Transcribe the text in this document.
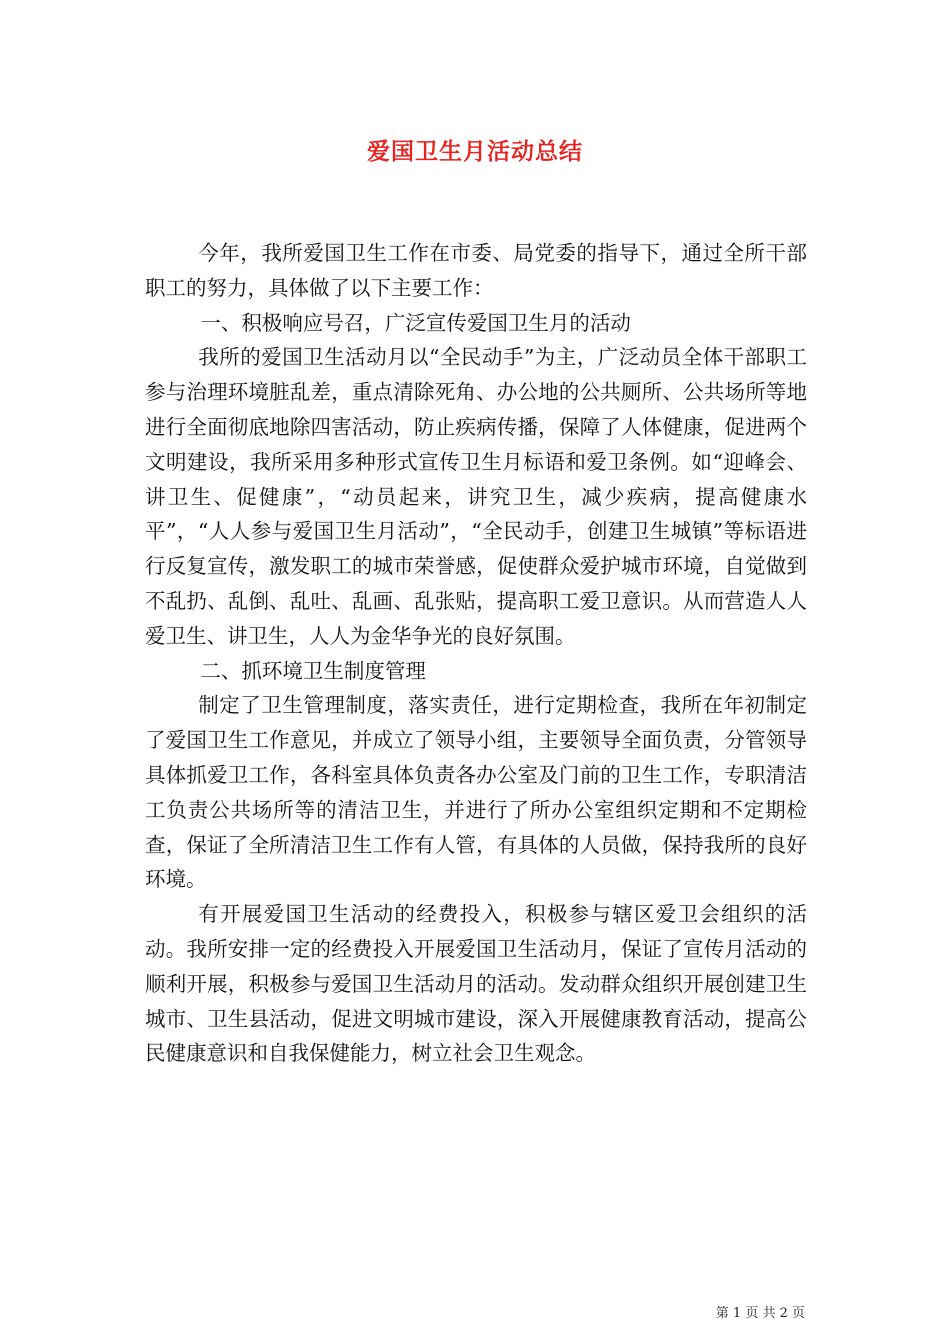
爱国卫生月活动总结

今年，我所爱国卫生工作在市委、局党委的指导下，通过全所干部职工的努力，具体做了以下主要工作：

一、积极响应号召，广泛宣传爱国卫生月的活动

我所的爱国卫生活动月以“全民动手”为主，广泛动员全体干部职工参与治理环境脏乱差，重点清除死角、办公地的公共厕所、公共场所等地进行全面彻底地除四害活动，防止疾病传播，保障了人体健康，促进两个文明建设，我所采用多种形式宣传卫生月标语和爱卫条例。如“迎峰会、讲卫生、促健康”，“动员起来，讲究卫生，减少疾病，提高健康水平”，“人人参与爱国卫生月活动”，“全民动手，创建卫生城镇”等标语进行反复宣传，激发职工的城市荣誉感，促使群众爱护城市环境，自觉做到不乱扔、乱倒、乱吐、乱画、乱张贴，提高职工爱卫意识。从而营造人人爱卫生、讲卫生，人人为金华争光的良好氛围。

二、抓环境卫生制度管理

制定了卫生管理制度，落实责任，进行定期检查，我所在年初制定了爱国卫生工作意见，并成立了领导小组，主要领导全面负责，分管领导具体抓爱卫工作，各科室具体负责各办公室及门前的卫生工作，专职清洁工负责公共场所等的清洁卫生，并进行了所办公室组织定期和不定期检查，保证了全所清洁卫生工作有人管，有具体的人员做，保持我所的良好环境。

有开展爱国卫生活动的经费投入，积极参与辖区爱卫会组织的活动。我所安排一定的经费投入开展爱国卫生活动月，保证了宣传月活动的顺利开展，积极参与爱国卫生活动月的活动。发动群众组织开展创建卫生城市、卫生县活动，促进文明城市建设，深入开展健康教育活动，提高公民健康意识和自我保健能力，树立社会卫生观念。

第 1 页 共 2 页
